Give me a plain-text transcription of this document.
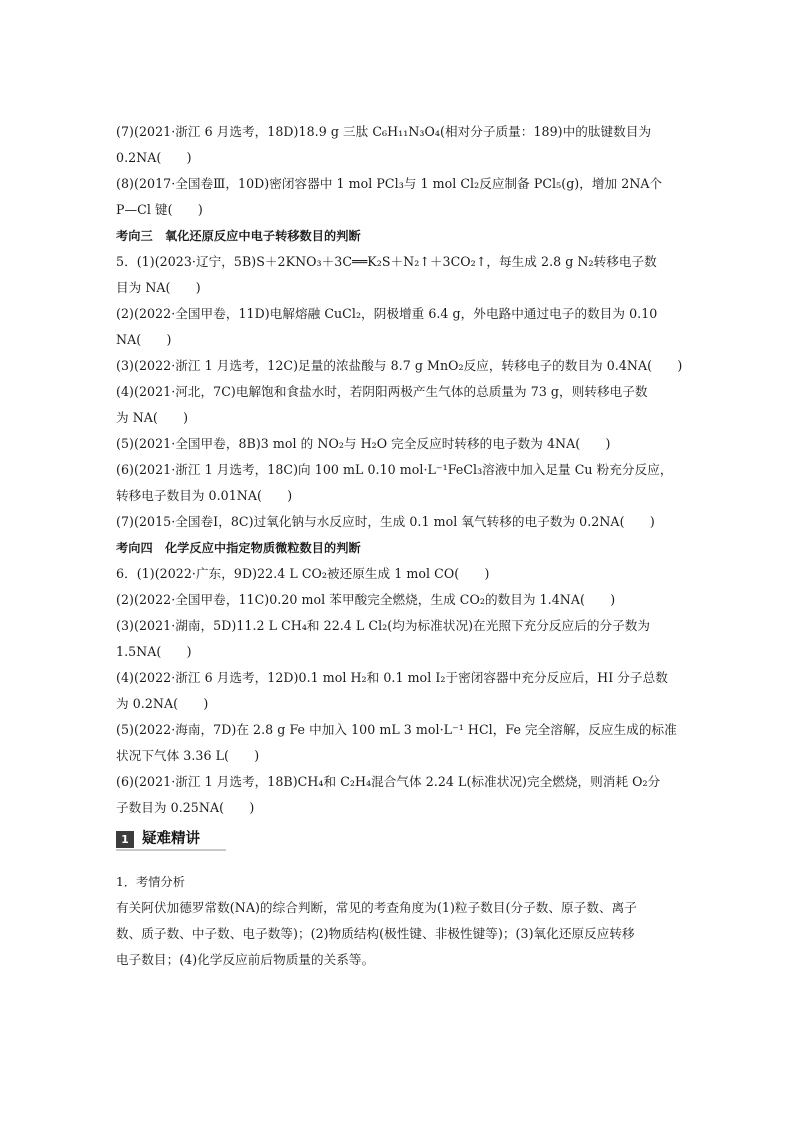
(7)(2021·浙江 6 月选考，18D)18.9 g 三肽 C₆H₁₁N₃O₄(相对分子质量：189)中的肽键数目为
0.2NA(　　)
(8)(2017·全国卷Ⅲ，10D)密闭容器中 1 mol PCl₃与 1 mol Cl₂反应制备 PCl₅(g)，增加 2NA个
P—Cl 键(　　)
考向三　氧化还原反应中电子转移数目的判断
5．(1)(2023·辽宁，5B)S＋2KNO₃＋3C══K₂S＋N₂↑＋3CO₂↑，每生成 2.8 g N₂转移电子数
目为 NA(　　)
(2)(2022·全国甲卷，11D)电解熔融 CuCl₂，阴极增重 6.4 g，外电路中通过电子的数目为 0.10
NA(　　)
(3)(2022·浙江 1 月选考，12C)足量的浓盐酸与 8.7 g MnO₂反应，转移电子的数目为 0.4NA(　　)
(4)(2021·河北，7C)电解饱和食盐水时，若阴阳两极产生气体的总质量为 73 g，则转移电子数
为 NA(　　)
(5)(2021·全国甲卷，8B)3 mol 的 NO₂与 H₂O 完全反应时转移的电子数为 4NA(　　)
(6)(2021·浙江 1 月选考，18C)向 100 mL 0.10 mol·L⁻¹FeCl₃溶液中加入足量 Cu 粉充分反应，
转移电子数目为 0.01NA(　　)
(7)(2015·全国卷Ⅰ，8C)过氧化钠与水反应时，生成 0.1 mol 氧气转移的电子数为 0.2NA(　　)
考向四　化学反应中指定物质微粒数目的判断
6．(1)(2022·广东，9D)22.4 L CO₂被还原生成 1 mol CO(　　)
(2)(2022·全国甲卷，11C)0.20 mol 苯甲酸完全燃烧，生成 CO₂的数目为 1.4NA(　　)
(3)(2021·湖南，5D)11.2 L CH₄和 22.4 L Cl₂(均为标准状况)在光照下充分反应后的分子数为
1.5NA(　　)
(4)(2022·浙江 6 月选考，12D)0.1 mol H₂和 0.1 mol I₂于密闭容器中充分反应后，HI 分子总数
为 0.2NA(　　)
(5)(2022·海南，7D)在 2.8 g Fe 中加入 100 mL 3 mol·L⁻¹ HCl，Fe 完全溶解，反应生成的标准
状况下气体 3.36 L(　　)
(6)(2021·浙江 1 月选考，18B)CH₄和 C₂H₄混合气体 2.24 L(标准状况)完全燃烧，则消耗 O₂分
子数目为 0.25NA(　　)
1 疑难精讲
1．考情分析
有关阿伏加德罗常数(NA)的综合判断，常见的考查角度为(1)粒子数目(分子数、原子数、离子
数、质子数、中子数、电子数等)；(2)物质结构(极性键、非极性键等)；(3)氧化还原反应转移
电子数目；(4)化学反应前后物质量的关系等。
